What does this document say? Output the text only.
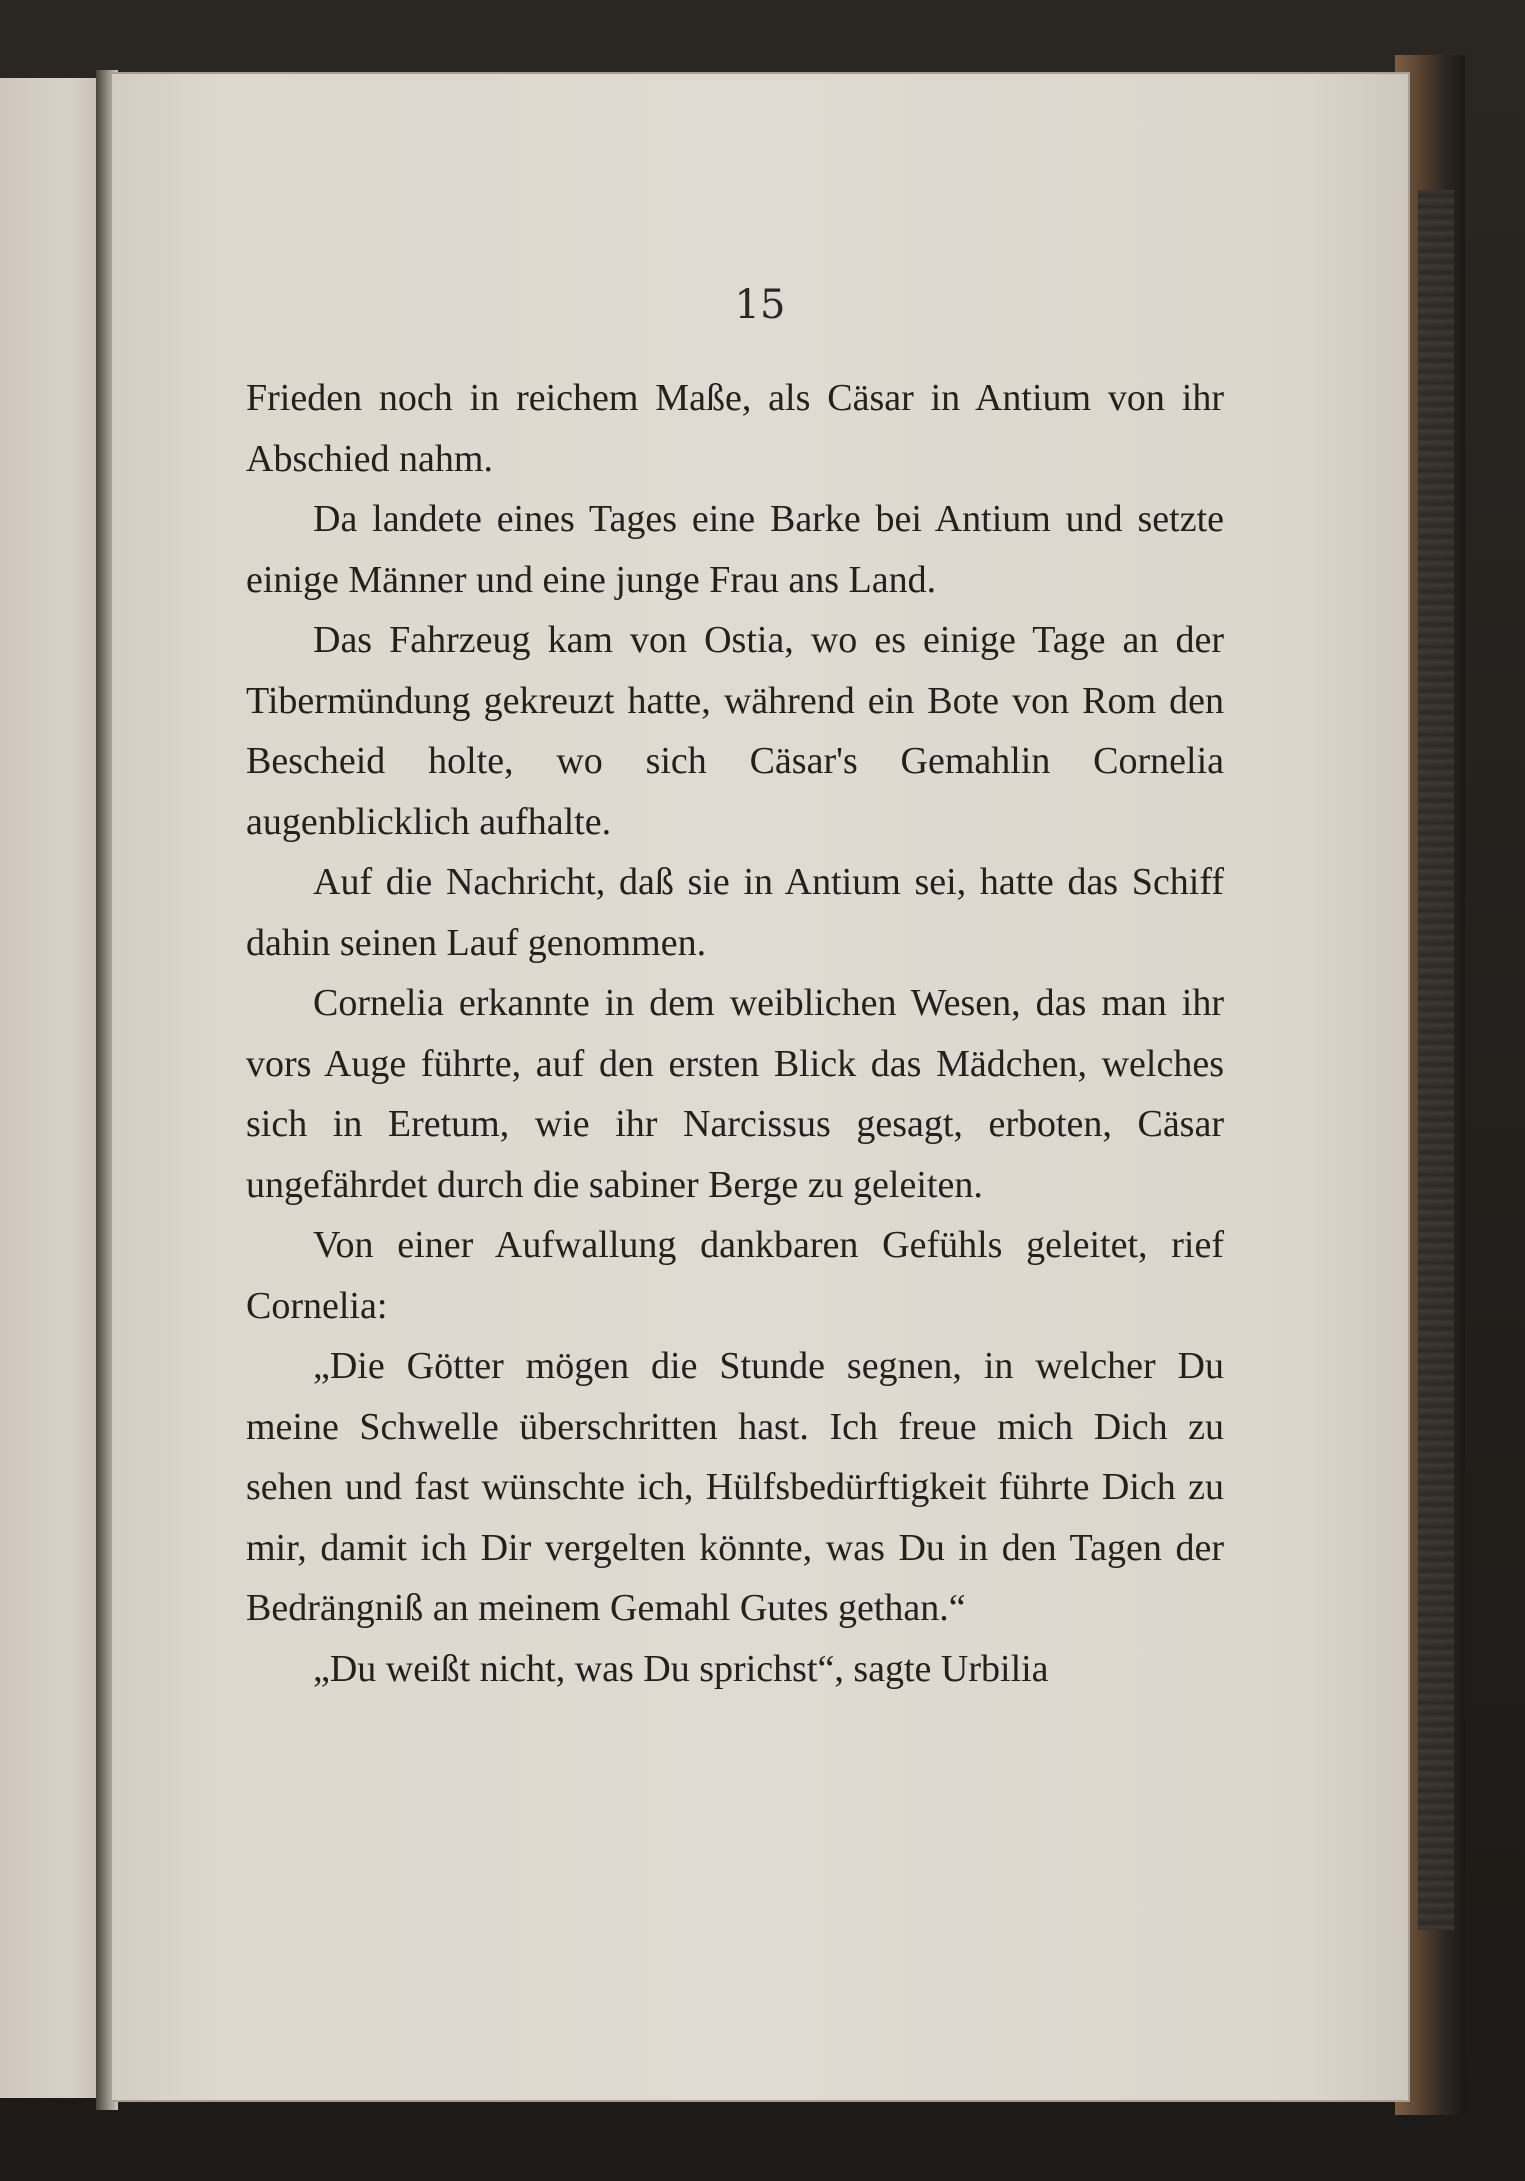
15

Frieden noch in reichem Maße, als Cäsar in Antium von ihr Abschied nahm.

Da landete eines Tages eine Barke bei Antium und setzte einige Männer und eine junge Frau ans Land.

Das Fahrzeug kam von Ostia, wo es einige Tage an der Tibermündung gekreuzt hatte, während ein Bote von Rom den Bescheid holte, wo sich Cäsar's Gemahlin Cornelia augenblicklich aufhalte.

Auf die Nachricht, daß sie in Antium sei, hatte das Schiff dahin seinen Lauf genommen.

Cornelia erkannte in dem weiblichen Wesen, das man ihr vors Auge führte, auf den ersten Blick das Mädchen, welches sich in Eretum, wie ihr Narcissus gesagt, erboten, Cäsar ungefährdet durch die sabiner Berge zu geleiten.

Von einer Aufwallung dankbaren Gefühls geleitet, rief Cornelia:

„Die Götter mögen die Stunde segnen, in welcher Du meine Schwelle überschritten hast. Ich freue mich Dich zu sehen und fast wünschte ich, Hülfsbedürftigkeit führte Dich zu mir, damit ich Dir vergelten könnte, was Du in den Tagen der Bedrängniß an meinem Gemahl Gutes gethan.“

„Du weißt nicht, was Du sprichst“, sagte Urbilia
